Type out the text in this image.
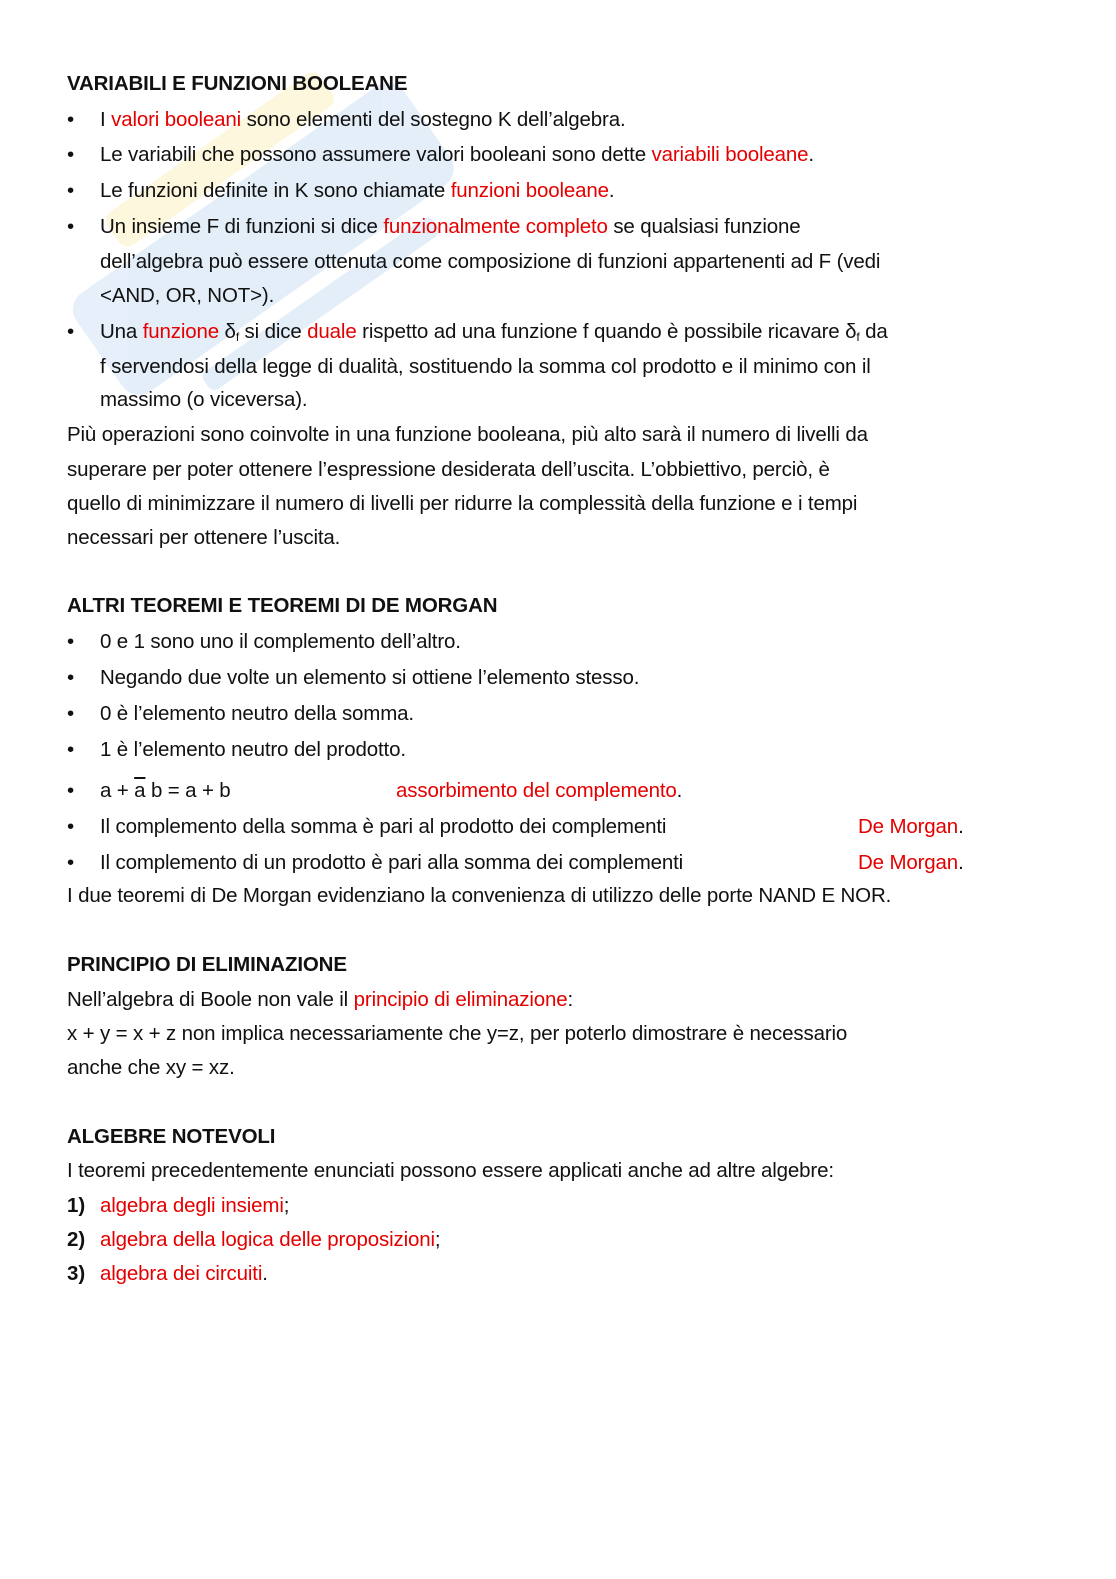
VARIABILI E FUNZIONI BOOLEANE
• I valori booleani sono elementi del sostegno K dell’algebra.
• Le variabili che possono assumere valori booleani sono dette variabili booleane.
• Le funzioni definite in K sono chiamate funzioni booleane.
• Un insieme F di funzioni si dice funzionalmente completo se qualsiasi funzione
dell’algebra può essere ottenuta come composizione di funzioni appartenenti ad F (vedi
<AND, OR, NOT>).
• Una funzione $\delta_f$ si dice duale rispetto ad una funzione f quando è possibile ricavare $\delta_f$ da
f servendosi della legge di dualità, sostituendo la somma col prodotto e il minimo con il
massimo (o viceversa).
Più operazioni sono coinvolte in una funzione booleana, più alto sarà il numero di livelli da
superare per poter ottenere l’espressione desiderata dell’uscita. L’obbiettivo, perciò, è
quello di minimizzare il numero di livelli per ridurre la complessità della funzione e i tempi
necessari per ottenere l’uscita.
ALTRI TEOREMI E TEOREMI DI DE MORGAN
• 0 e 1 sono uno il complemento dell’altro.
• Negando due volte un elemento si ottiene l’elemento stesso.
• 0 è l’elemento neutro della somma.
• 1 è l’elemento neutro del prodotto.
• $a + \overline{a}$ b = a + b	assorbimento del complemento.
• Il complemento della somma è pari al prodotto dei complementi	De Morgan.
• Il complemento di un prodotto è pari alla somma dei complementi	De Morgan.
I due teoremi di De Morgan evidenziano la convenienza di utilizzo delle porte NAND E NOR.
PRINCIPIO DI ELIMINAZIONE
Nell’algebra di Boole non vale il principio di eliminazione:
x + y = x + z non implica necessariamente che y=z, per poterlo dimostrare è necessario
anche che xy = xz.
ALGEBRE NOTEVOLI
I teoremi precedentemente enunciati possono essere applicati anche ad altre algebre:
1) algebra degli insiemi;
2) algebra della logica delle proposizioni;
3) algebra dei circuiti.
